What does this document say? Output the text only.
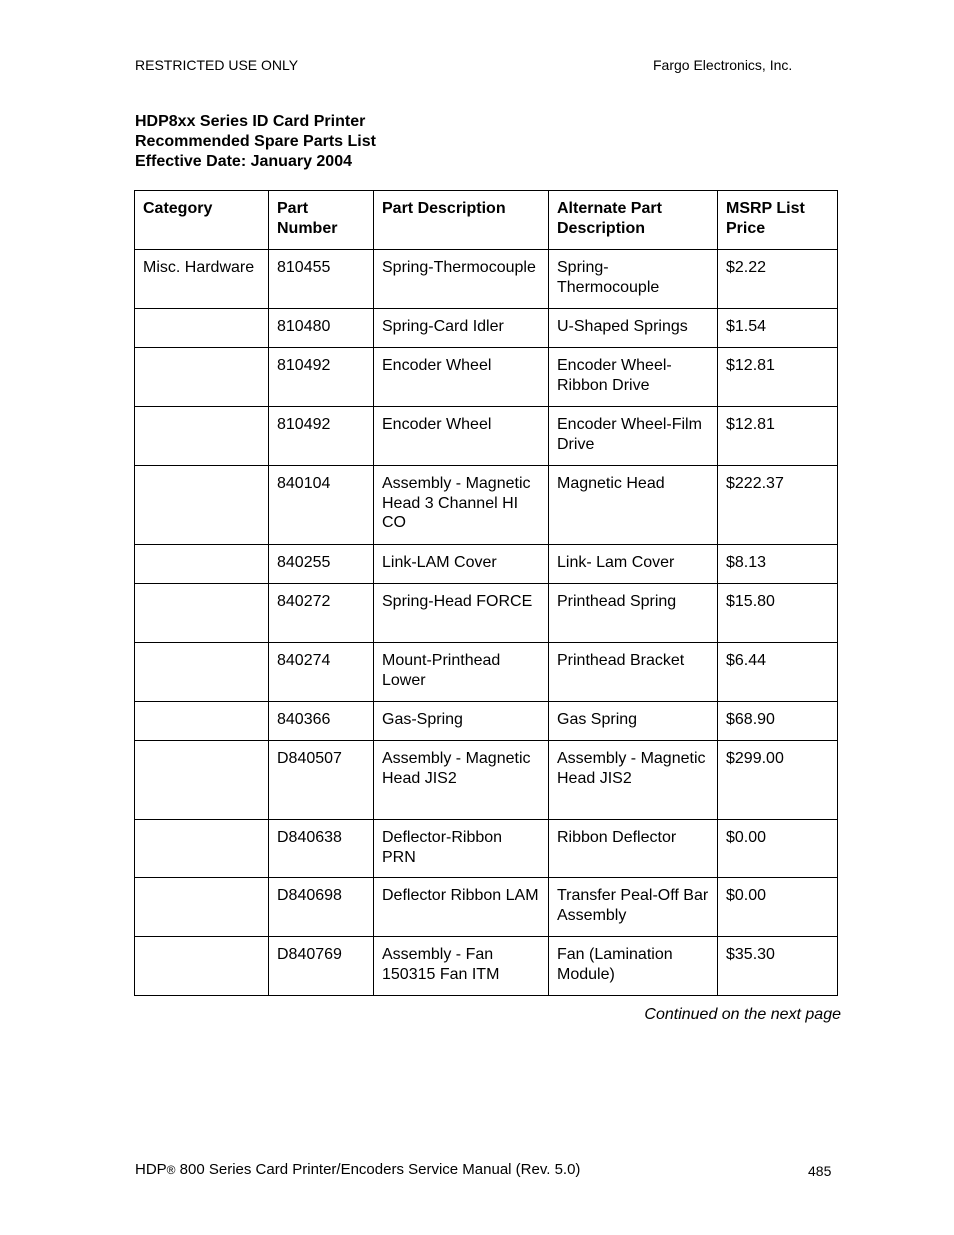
RESTRICTED USE ONLY	Fargo Electronics, Inc.
HDP8xx Series ID Card Printer
Recommended Spare Parts List
Effective Date: January 2004
Category	Part Number	Part Description	Alternate Part Description	MSRP List Price
Misc. Hardware	810455	Spring-Thermocouple	Spring-Thermocouple	$2.22
	810480	Spring-Card Idler	U-Shaped Springs	$1.54
	810492	Encoder Wheel	Encoder Wheel-Ribbon Drive	$12.81
	810492	Encoder Wheel	Encoder Wheel-Film Drive	$12.81
	840104	Assembly - Magnetic Head 3 Channel HI CO	Magnetic Head	$222.37
	840255	Link-LAM Cover	Link- Lam Cover	$8.13
	840272	Spring-Head FORCE	Printhead Spring	$15.80
	840274	Mount-Printhead Lower	Printhead Bracket	$6.44
	840366	Gas-Spring	Gas Spring	$68.90
	D840507	Assembly - Magnetic Head JIS2	Assembly - Magnetic Head JIS2	$299.00
	D840638	Deflector-Ribbon PRN	Ribbon Deflector	$0.00
	D840698	Deflector Ribbon LAM	Transfer Peal-Off Bar Assembly	$0.00
	D840769	Assembly - Fan 150315 Fan ITM	Fan (Lamination Module)	$35.30
Continued on the next page
HDP® 800 Series Card Printer/Encoders Service Manual (Rev. 5.0)	485
